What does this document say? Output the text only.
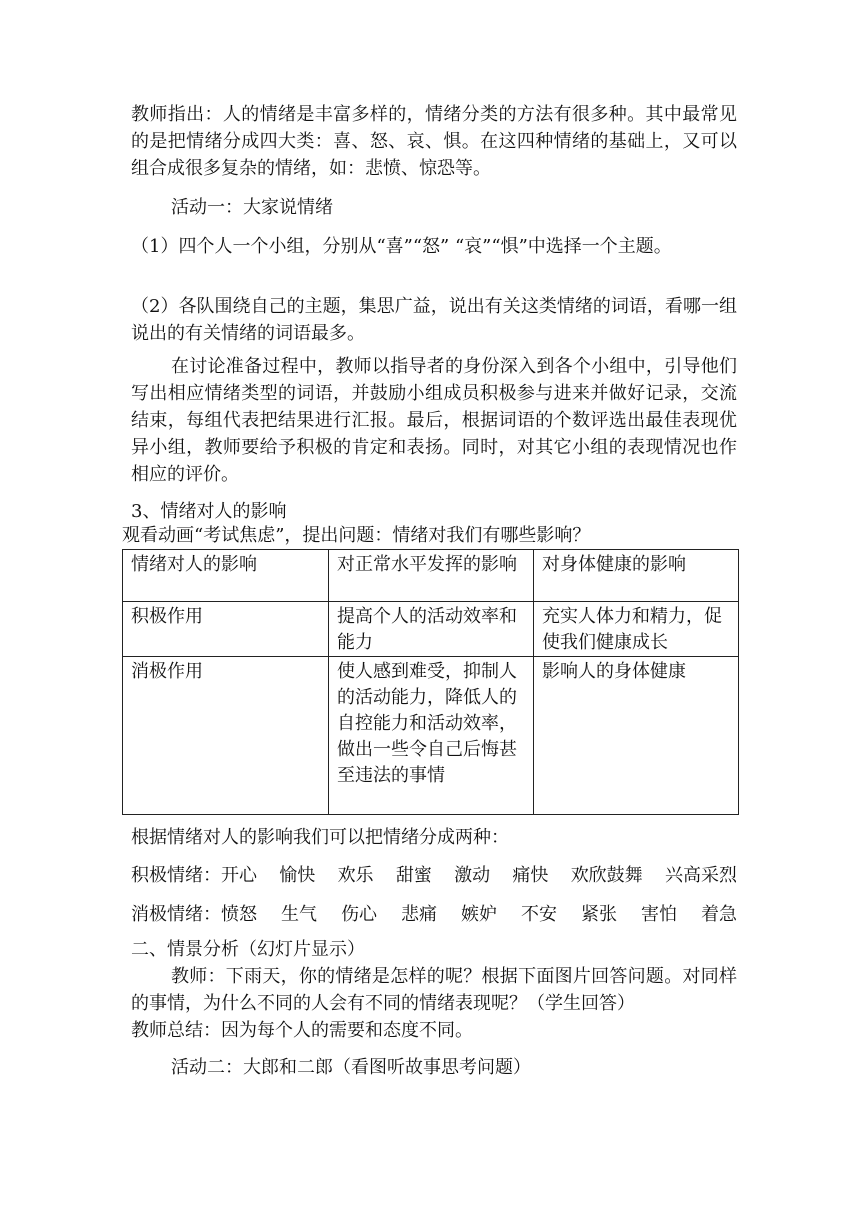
教师指出：人的情绪是丰富多样的，情绪分类的方法有很多种。其中最常见的是把情绪分成四大类：喜、怒、哀、惧。在这四种情绪的基础上，又可以组合成很多复杂的情绪，如：悲愤、惊恐等。

活动一：大家说情绪

（1）四个人一个小组，分别从“喜”“怒” “哀”“惧”中选择一个主题。

（2）各队围绕自己的主题，集思广益，说出有关这类情绪的词语，看哪一组说出的有关情绪的词语最多。

在讨论准备过程中，教师以指导者的身份深入到各个小组中，引导他们写出相应情绪类型的词语，并鼓励小组成员积极参与进来并做好记录，交流结束，每组代表把结果进行汇报。最后，根据词语的个数评选出最佳表现优异小组，教师要给予积极的肯定和表扬。同时，对其它小组的表现情况也作相应的评价。

3、情绪对人的影响

观看动画“考试焦虑”，提出问题：情绪对我们有哪些影响？

情绪对人的影响	对正常水平发挥的影响	对身体健康的影响
积极作用	提高个人的活动效率和能力	充实人体力和精力，促使我们健康成长
消极作用	使人感到难受，抑制人的活动能力，降低人的自控能力和活动效率，做出一些令自己后悔甚至违法的事情	影响人的身体健康

根据情绪对人的影响我们可以把情绪分成两种：

积极情绪： 开心 愉快 欢乐 甜蜜 激动 痛快 欢欣鼓舞 兴高采烈
消极情绪： 愤怒 生气 伤心 悲痛 嫉妒 不安 紧张 害怕 着急

二、情景分析（幻灯片显示）

教师：下雨天，你的情绪是怎样的呢？根据下面图片回答问题。对同样的事情，为什么不同的人会有不同的情绪表现呢？（学生回答）

教师总结：因为每个人的需要和态度不同。

活动二：大郎和二郎（看图听故事思考问题）
